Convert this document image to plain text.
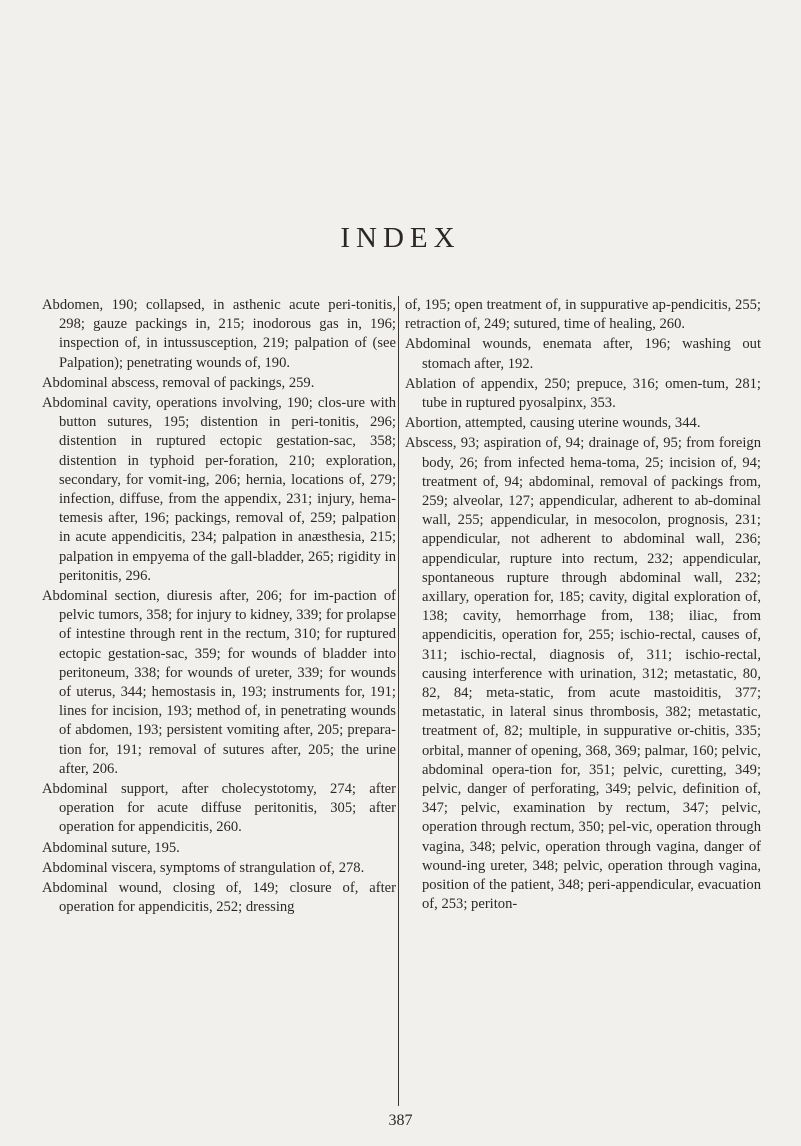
INDEX

Abdomen, 190; collapsed, in asthenic acute peri-tonitis, 298; gauze packings in, 215; inodorous gas in, 196; inspection of, in intussusception, 219; palpation of (see Palpation); penetrating wounds of, 190.

Abdominal abscess, removal of packings, 259.

Abdominal cavity, operations involving, 190; clos-ure with button sutures, 195; distention in peri-tonitis, 296; distention in ruptured ectopic gestation-sac, 358; distention in typhoid per-foration, 210; exploration, secondary, for vomit-ing, 206; hernia, locations of, 279; infection, diffuse, from the appendix, 231; injury, hema-temesis after, 196; packings, removal of, 259; palpation in acute appendicitis, 234; palpation in anæsthesia, 215; palpation in empyema of the gall-bladder, 265; rigidity in peritonitis, 296.

Abdominal section, diuresis after, 206; for im-paction of pelvic tumors, 358; for injury to kidney, 339; for prolapse of intestine through rent in the rectum, 310; for ruptured ectopic gestation-sac, 359; for wounds of bladder into peritoneum, 338; for wounds of ureter, 339; for wounds of uterus, 344; hemostasis in, 193; instruments for, 191; lines for incision, 193; method of, in penetrating wounds of abdomen, 193; persistent vomiting after, 205; prepara-tion for, 191; removal of sutures after, 205; the urine after, 206.

Abdominal support, after cholecystotomy, 274; after operation for acute diffuse peritonitis, 305; after operation for appendicitis, 260.

Abdominal suture, 195.

Abdominal viscera, symptoms of strangulation of, 278.

Abdominal wound, closing of, 149; closure of, after operation for appendicitis, 252; dressing

of, 195; open treatment of, in suppurative ap-pendicitis, 255; retraction of, 249; sutured, time of healing, 260.

Abdominal wounds, enemata after, 196; washing out stomach after, 192.

Ablation of appendix, 250; prepuce, 316; omen-tum, 281; tube in ruptured pyosalpinx, 353.

Abortion, attempted, causing uterine wounds, 344.

Abscess, 93; aspiration of, 94; drainage of, 95; from foreign body, 26; from infected hema-toma, 25; incision of, 94; treatment of, 94; abdominal, removal of packings from, 259; alveolar, 127; appendicular, adherent to ab-dominal wall, 255; appendicular, in mesocolon, prognosis, 231; appendicular, not adherent to abdominal wall, 236; appendicular, rupture into rectum, 232; appendicular, spontaneous rupture through abdominal wall, 232; axillary, operation for, 185; cavity, digital exploration of, 138; cavity, hemorrhage from, 138; iliac, from appendicitis, operation for, 255; ischio-rectal, causes of, 311; ischio-rectal, diagnosis of, 311; ischio-rectal, causing interference with urination, 312; metastatic, 80, 82, 84; meta-static, from acute mastoiditis, 377; metastatic, in lateral sinus thrombosis, 382; metastatic, treatment of, 82; multiple, in suppurative or-chitis, 335; orbital, manner of opening, 368, 369; palmar, 160; pelvic, abdominal opera-tion for, 351; pelvic, curetting, 349; pelvic, danger of perforating, 349; pelvic, definition of, 347; pelvic, examination by rectum, 347; pelvic, operation through rectum, 350; pel-vic, operation through vagina, 348; pelvic, operation through vagina, danger of wound-ing ureter, 348; pelvic, operation through vagina, position of the patient, 348; peri-appendicular, evacuation of, 253; periton-

387
